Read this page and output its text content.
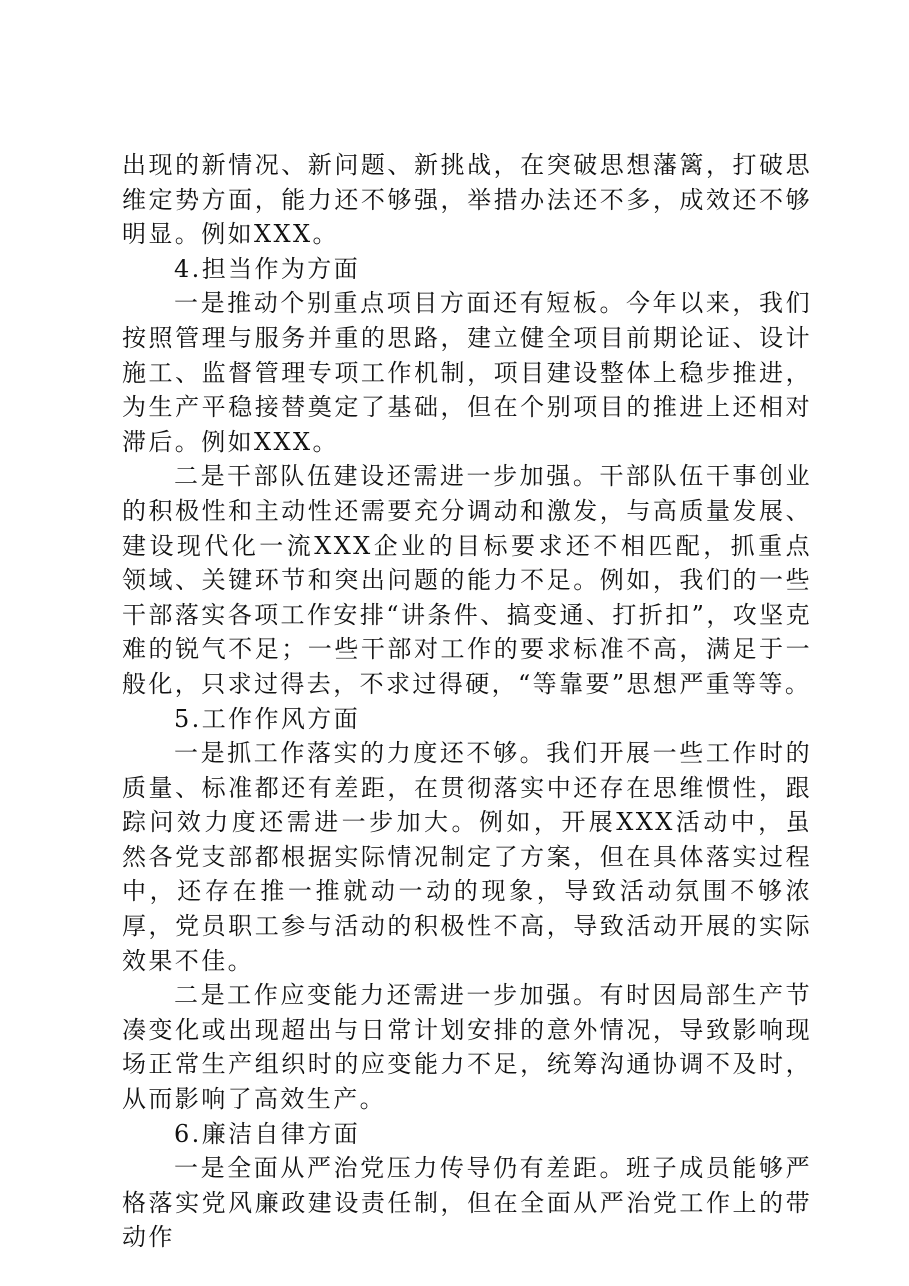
出现的新情况、新问题、新挑战，在突破思想藩篱，打破思维定势方面，能力还不够强，举措办法还不多，成效还不够明显。例如XXX。

4.担当作为方面

一是推动个别重点项目方面还有短板。今年以来，我们按照管理与服务并重的思路，建立健全项目前期论证、设计施工、监督管理专项工作机制，项目建设整体上稳步推进，为生产平稳接替奠定了基础，但在个别项目的推进上还相对滞后。例如XXX。

二是干部队伍建设还需进一步加强。干部队伍干事创业的积极性和主动性还需要充分调动和激发，与高质量发展、建设现代化一流XXX企业的目标要求还不相匹配，抓重点领域、关键环节和突出问题的能力不足。例如，我们的一些干部落实各项工作安排“讲条件、搞变通、打折扣”，攻坚克难的锐气不足；一些干部对工作的要求标准不高，满足于一般化，只求过得去，不求过得硬，“等靠要”思想严重等等。

5.工作作风方面

一是抓工作落实的力度还不够。我们开展一些工作时的质量、标准都还有差距，在贯彻落实中还存在思维惯性，跟踪问效力度还需进一步加大。例如，开展XXX活动中，虽然各党支部都根据实际情况制定了方案，但在具体落实过程中，还存在推一推就动一动的现象，导致活动氛围不够浓厚，党员职工参与活动的积极性不高，导致活动开展的实际效果不佳。

二是工作应变能力还需进一步加强。有时因局部生产节凑变化或出现超出与日常计划安排的意外情况，导致影响现场正常生产组织时的应变能力不足，统筹沟通协调不及时，从而影响了高效生产。

6.廉洁自律方面

一是全面从严治党压力传导仍有差距。班子成员能够严格落实党风廉政建设责任制，但在全面从严治党工作上的带动作
